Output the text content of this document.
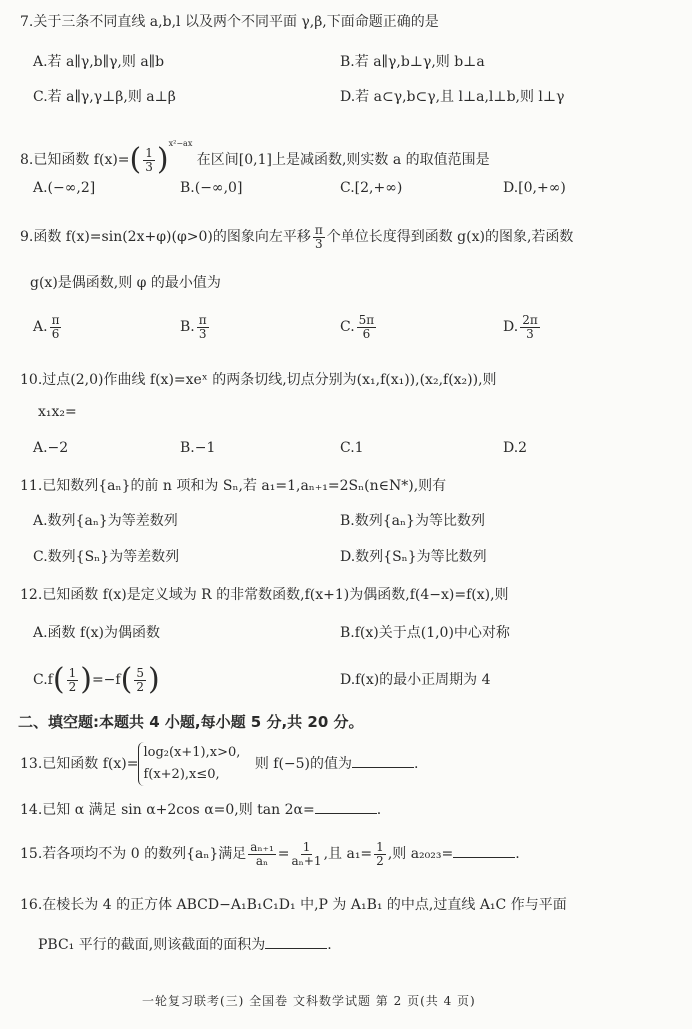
7.关于三条不同直线 a,b,l 以及两个不同平面 γ,β,下面命题正确的是
A.若 a∥γ,b∥γ,则 a∥b	B.若 a∥γ,b⊥γ,则 b⊥a
C.若 a∥γ,γ⊥β,则 a⊥β	D.若 a⊂γ,b⊂γ,且 l⊥a,l⊥b,则 l⊥γ
8.已知函数 $f(x)=( \frac{1}{3} )^{x^2-ax}$ 在区间[0,1]上是减函数,则实数 a 的取值范围是
A.(−∞,2]	B.(−∞,0]	C.[2,+∞)	D.[0,+∞)
9.函数 f(x)=sin(2x+φ)(φ>0)的图象向左平移 $\frac{\pi}{3}$ 个单位长度得到函数 g(x)的图象,若函数
g(x)是偶函数,则 φ 的最小值为
A. $\frac{\pi}{6}$	B. $\frac{\pi}{3}$	C. $\frac{5\pi}{6}$	D. $\frac{2\pi}{3}$
10.过点(2,0)作曲线 f(x)=xeˣ 的两条切线,切点分别为(x₁,f(x₁)),(x₂,f(x₂)),则
x₁x₂=
A.−2	B.−1	C.1	D.2
11.已知数列{aₙ}的前 n 项和为 Sₙ,若 a₁=1,aₙ₊₁=2Sₙ(n∈N*),则有
A.数列{aₙ}为等差数列	B.数列{aₙ}为等比数列
C.数列{Sₙ}为等差数列	D.数列{Sₙ}为等比数列
12.已知函数 f(x)是定义域为 R 的非常数函数,f(x+1)为偶函数,f(4−x)=f(x),则
A.函数 f(x)为偶函数	B.f(x)关于点(1,0)中心对称
$C.f( \frac{1}{2} )=-f( \frac{5}{2}$ )	D.f(x)的最小正周期为 4
二、填空题:本题共 4 小题,每小题 5 分,共 20 分。
13.已知函数 f(x)=log₂(x+1),x>0,
f(x+2),x≤0, 则 f(−5)的值为	.
14.已知 α 满足 sin α+2cos α=0,则 tan 2α=	.
15.若各项均不为 0 的数列{aₙ}满足 $\frac{\text{aₙ₊₁}}{\text{aₙ}} = \frac{1}{\text{aₙ+1}}$ ,且 $a_1= \frac{1}{2}$ ,则 a₂₀₂₃=	.
16.在棱长为 4 的正方体 ABCD−A₁B₁C₁D₁ 中,P 为 A₁B₁ 的中点,过直线 A₁C 作与平面
PBC₁ 平行的截面,则该截面的面积为	.
一轮复习联考(三) 全国卷 文科数学试题 第 2 页(共 4 页)
